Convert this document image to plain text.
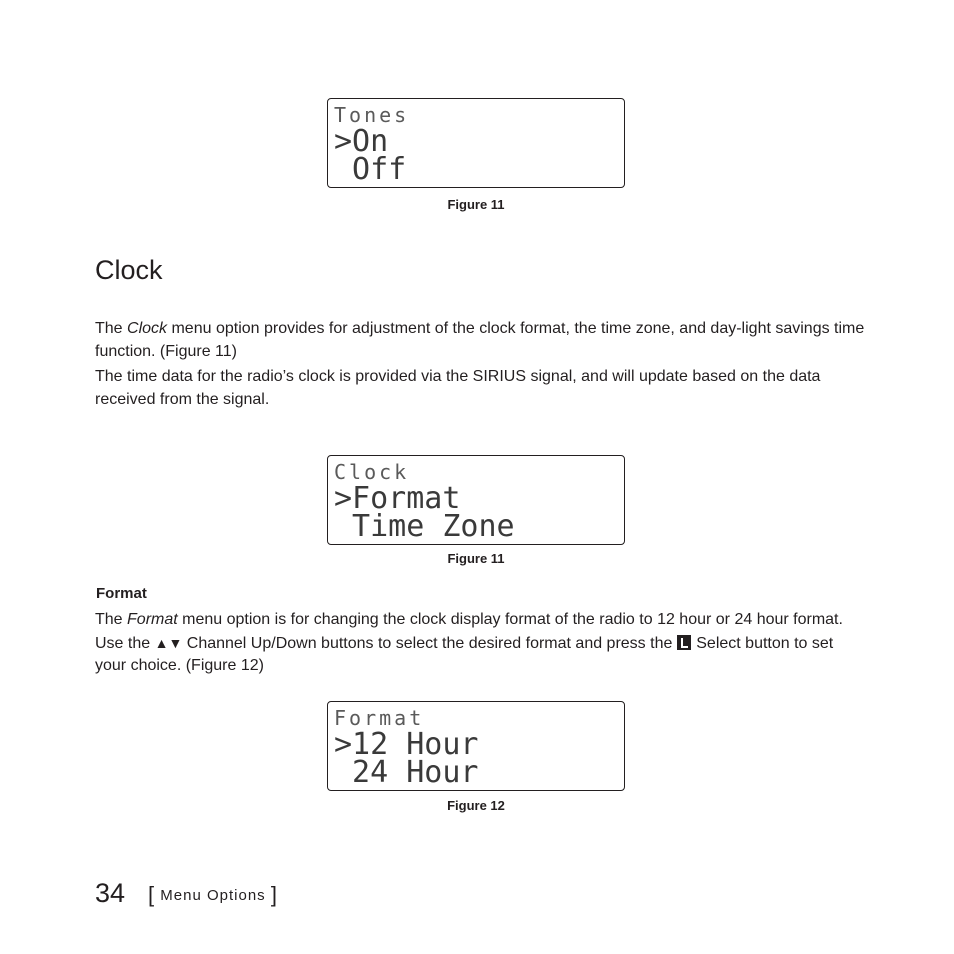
Tones
>On
Off
Figure 11
Clock
The Clock menu option provides for adjustment of the clock format, the time zone, and day-light savings time function. (Figure 11)
The time data for the radio’s clock is provided via the SIRIUS signal, and will update based on the data received from the signal.
Clock
>Format
Time Zone
Figure 11
Format
The Format menu option is for changing the clock display format of the radio to 12 hour or 24 hour format. Use the ▲▼ Channel Up/Down buttons to select the desired format and press the  Select button to set your choice. (Figure 12)
Format
>12 Hour
24 Hour
Figure 12
34 [ Menu Options ]
